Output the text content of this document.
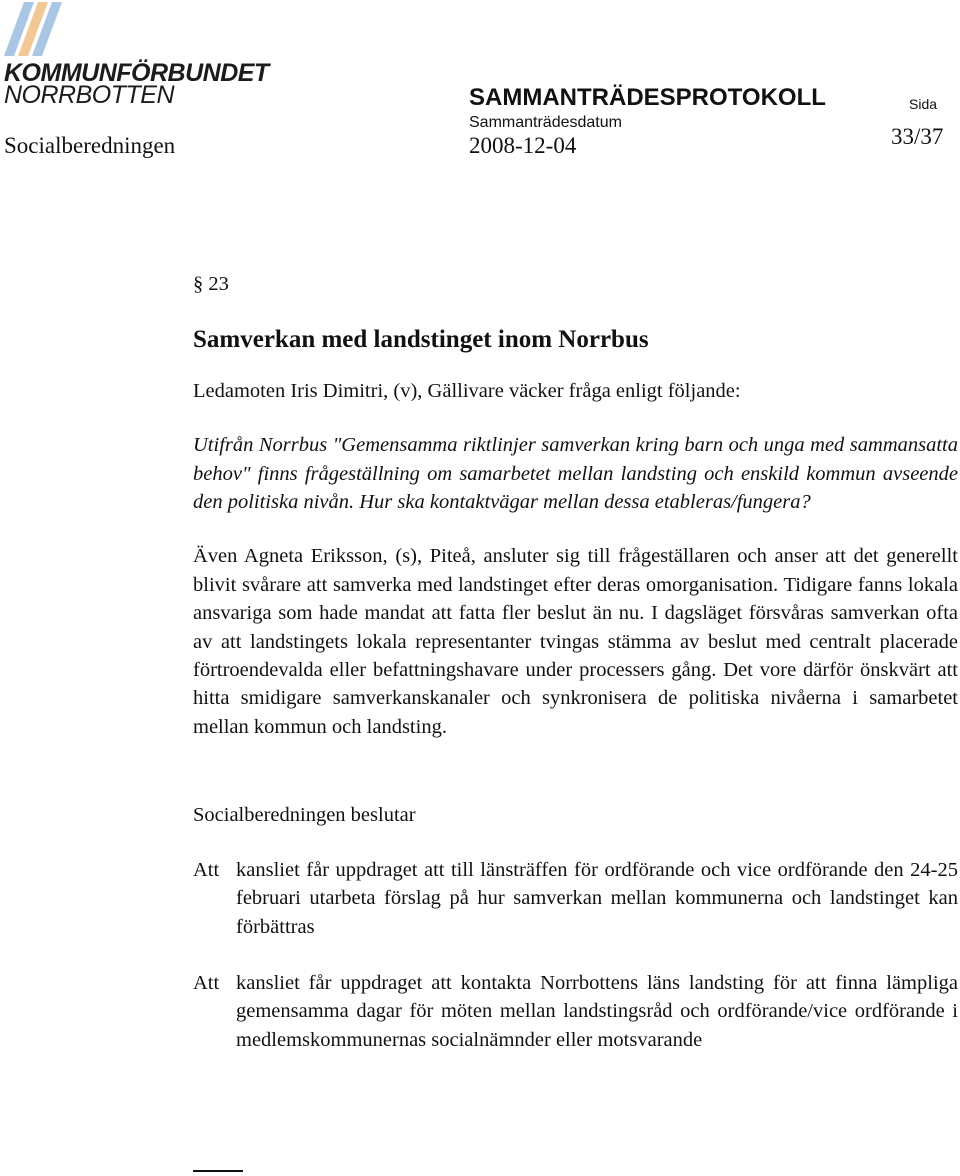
KOMMUNFÖRBUNDET
NORRBOTTEN
Socialberedningen
SAMMANTRÄDESPROTOKOLL
Sammanträdesdatum
2008-12-04
Sida
33/37

§ 23

Samverkan med landstinget inom Norrbus

Ledamoten Iris Dimitri, (v), Gällivare väcker fråga enligt följande:

Utifrån Norrbus "Gemensamma riktlinjer samverkan kring barn och unga med sammansatta behov" finns frågeställning om samarbetet mellan landsting och enskild kommun avseende den politiska nivån. Hur ska kontaktvägar mellan dessa etableras/fungera?

Även Agneta Eriksson, (s), Piteå, ansluter sig till frågeställaren och anser att det generellt blivit svårare att samverka med landstinget efter deras omorganisation. Tidigare fanns lokala ansvariga som hade mandat att fatta fler beslut än nu. I dagsläget försvåras samverkan ofta av att landstingets lokala representanter tvingas stämma av beslut med centralt placerade förtroendevalda eller befattningshavare under processers gång. Det vore därför önskvärt att hitta smidigare samverkanskanaler och synkronisera de politiska nivåerna i samarbetet mellan kommun och landsting.

Socialberedningen beslutar

Att kansliet får uppdraget att till länsträffen för ordförande och vice ordförande den 24-25 februari utarbeta förslag på hur samverkan mellan kommunerna och landstinget kan förbättras
Att kansliet får uppdraget att kontakta Norrbottens läns landsting för att finna lämpliga gemensamma dagar för möten mellan landstingsråd och ordförande/vice ordförande i medlemskommunernas socialnämnder eller motsvarande
